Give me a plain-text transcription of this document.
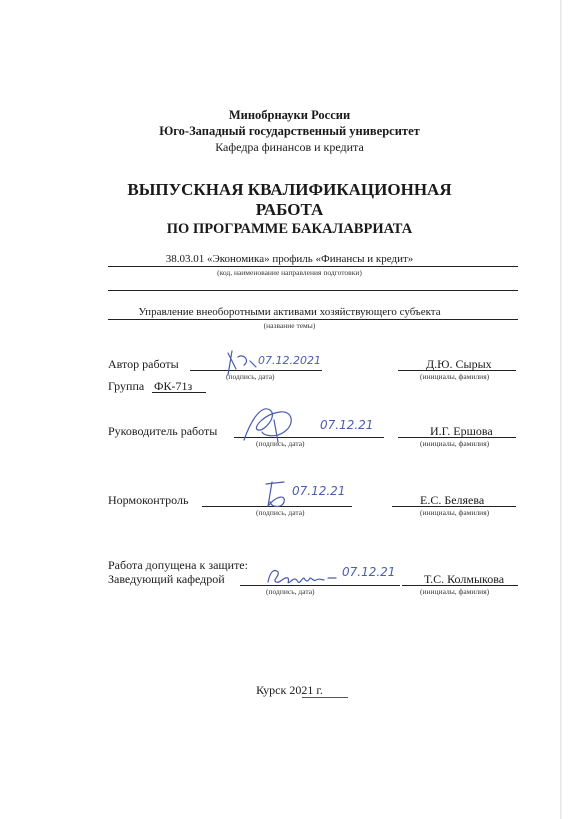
Минобрнауки России
Юго-Западный государственный университет
Кафедра финансов и кредита
ВЫПУСКНАЯ КВАЛИФИКАЦИОННАЯ
РАБОТА
ПО ПРОГРАММЕ БАКАЛАВРИАТА
38.03.01 «Экономика» профиль «Финансы и кредит»
(код, наименование направления подготовки)
Управление внеоборотными активами хозяйствующего субъекта
(название темы)
Автор работы
(подпись, дата)
Д.Ю. Сырых
(инициалы, фамилия)
07.12.2021
Группа ФК-71з
Руководитель работы
(подпись, дата)
И.Г. Ершова
(инициалы, фамилия)
07.12.21
Нормоконтроль
(подпись, дата)
Е.С. Беляева
(инициалы, фамилия)
07.12.21
Работа допущена к защите:
Заведующий кафедрой
(подпись, дата)
Т.С. Колмыкова
(инициалы, фамилия)
07.12.21
Курск 2021 г.
